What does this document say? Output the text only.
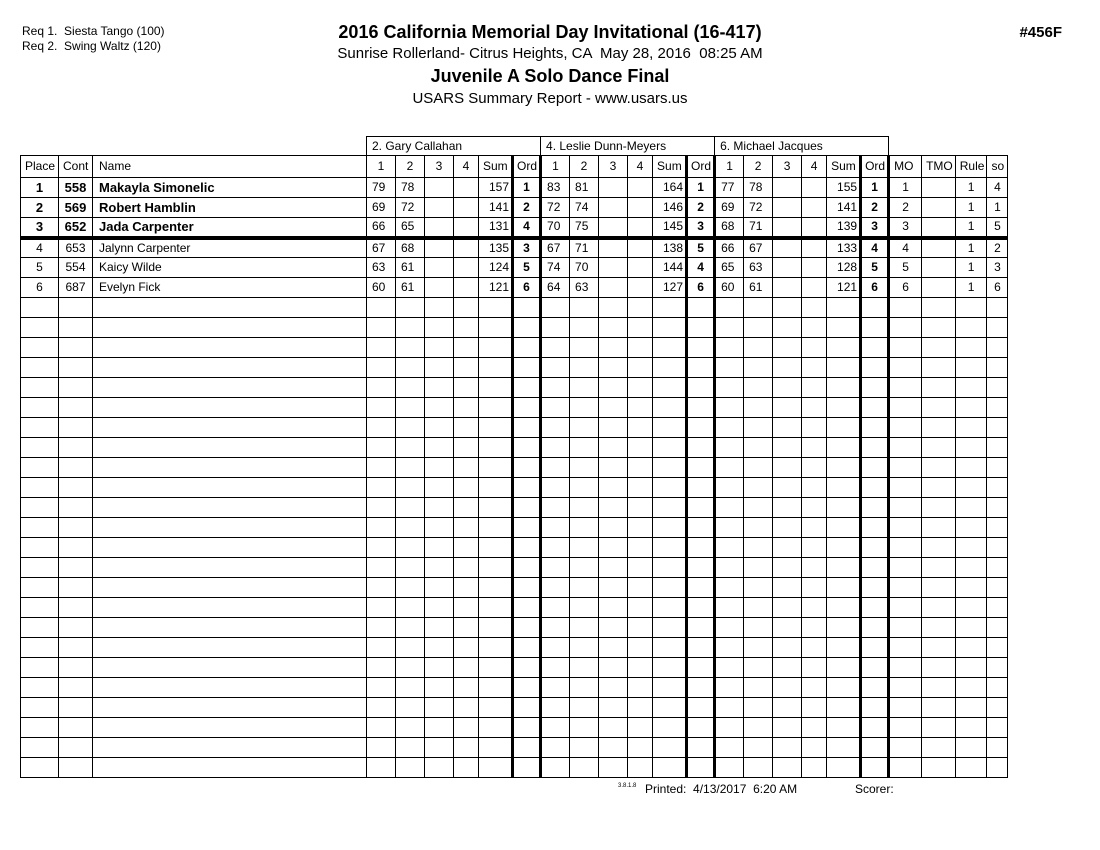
Req 1.  Siesta Tango (100)
Req 2.  Swing Waltz (120)
2016 California Memorial Day Invitational (16-417)
Sunrise Rollerland- Citrus Heights, CA  May 28, 2016  08:25 AM
Juvenile A Solo Dance Final
USARS Summary Report - www.usars.us
#456F
			2. Gary Callahan						4. Leslie Dunn-Meyers						6. Michael Jacques									
Place	Cont	Name	1	2	3	4	Sum	Ord	1	2	3	4	Sum	Ord	1	2	3	4	Sum	Ord	MO	TMO	Rule	so
1	558	Makayla Simonelic	79	78			157	1	83	81			164	1	77	78			155	1	1		1	4
2	569	Robert Hamblin	69	72			141	2	72	74			146	2	69	72			141	2	2		1	1
3	652	Jada Carpenter	66	65			131	4	70	75			145	3	68	71			139	3	3		1	5
4	653	Jalynn Carpenter	67	68			135	3	67	71			138	5	66	67			133	4	4		1	2
5	554	Kaicy Wilde	63	61			124	5	74	70			144	4	65	63			128	5	5		1	3
6	687	Evelyn Fick	60	61			121	6	64	63			127	6	60	61			121	6	6		1	6

3.8.1.8 Printed:  4/13/2017  6:20 AM	Scorer:
